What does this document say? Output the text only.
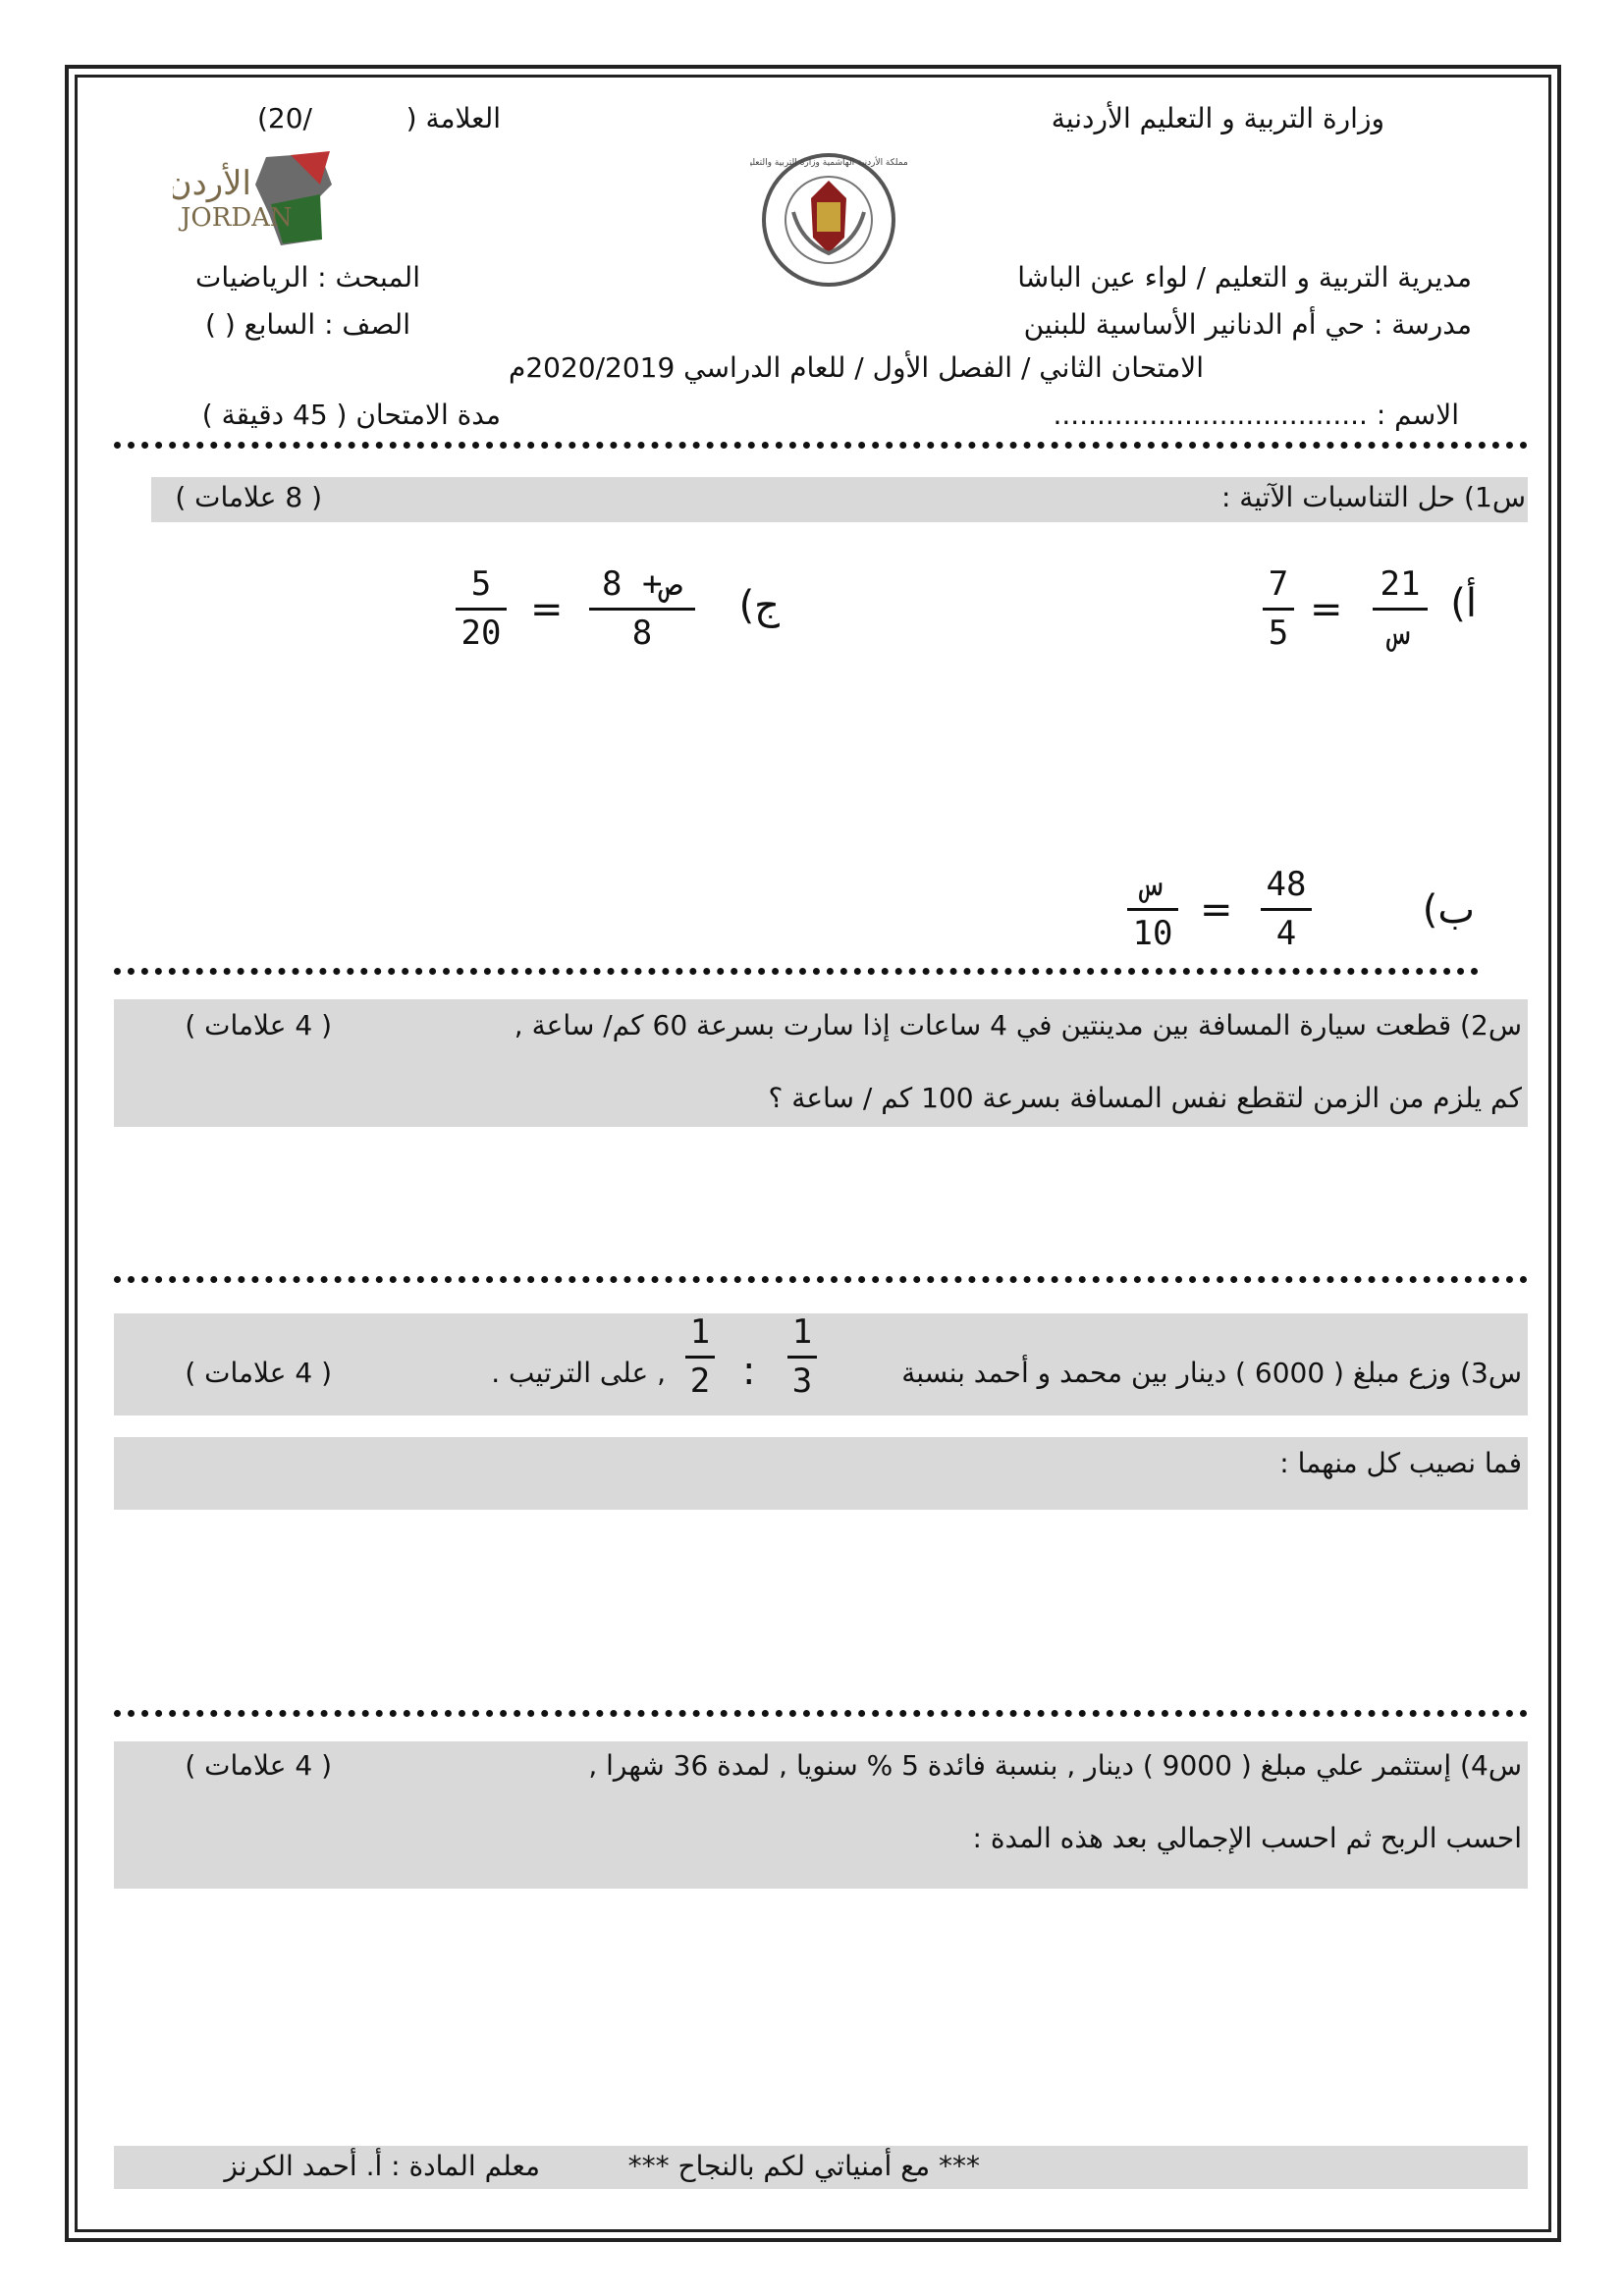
وزارة التربية و التعليم الأردنية
العلامة (
(20/
الأردن
JORDAN
المملكة الأردنية الهاشمية وزارة التربية والتعليم
مديرية التربية و التعليم / لواء عين الباشا
المبحث : الرياضيات
مدرسة : حي أم الدنانير الأساسية للبنين
الصف : السابع ( )
الامتحان الثاني / الفصل الأول / للعام الدراسي 2020/2019م
الاسم : ....................................
مدة الامتحان ( 45 دقيقة )
س1) حل التناسبات الآتية :
( 8 علامات )
أ)
21
س
=
7
5
ج)
ص+ 8
8
=
5
20
ب)
48
4
=
س
10
س2) قطعت سيارة المسافة بين مدينتين في 4 ساعات إذا سارت بسرعة 60 كم/ ساعة ,
( 4 علامات )
كم يلزم من الزمن لتقطع نفس المسافة بسرعة 100 كم / ساعة ؟
س3) وزع مبلغ ( 6000 ) دينار بين محمد و أحمد بنسبة
1
3
:
1
2
, على الترتيب .
( 4 علامات )
فما نصيب كل منهما :
س4) إستثمر علي مبلغ ( 9000 ) دينار , بنسبة فائدة 5 % سنويا , لمدة 36 شهرا ,
( 4 علامات )
احسب الربح ثم احسب الإجمالي بعد هذه المدة :
*** مع أمنياتي لكم بالنجاح ***
معلم المادة : أ. أحمد الكرنز
